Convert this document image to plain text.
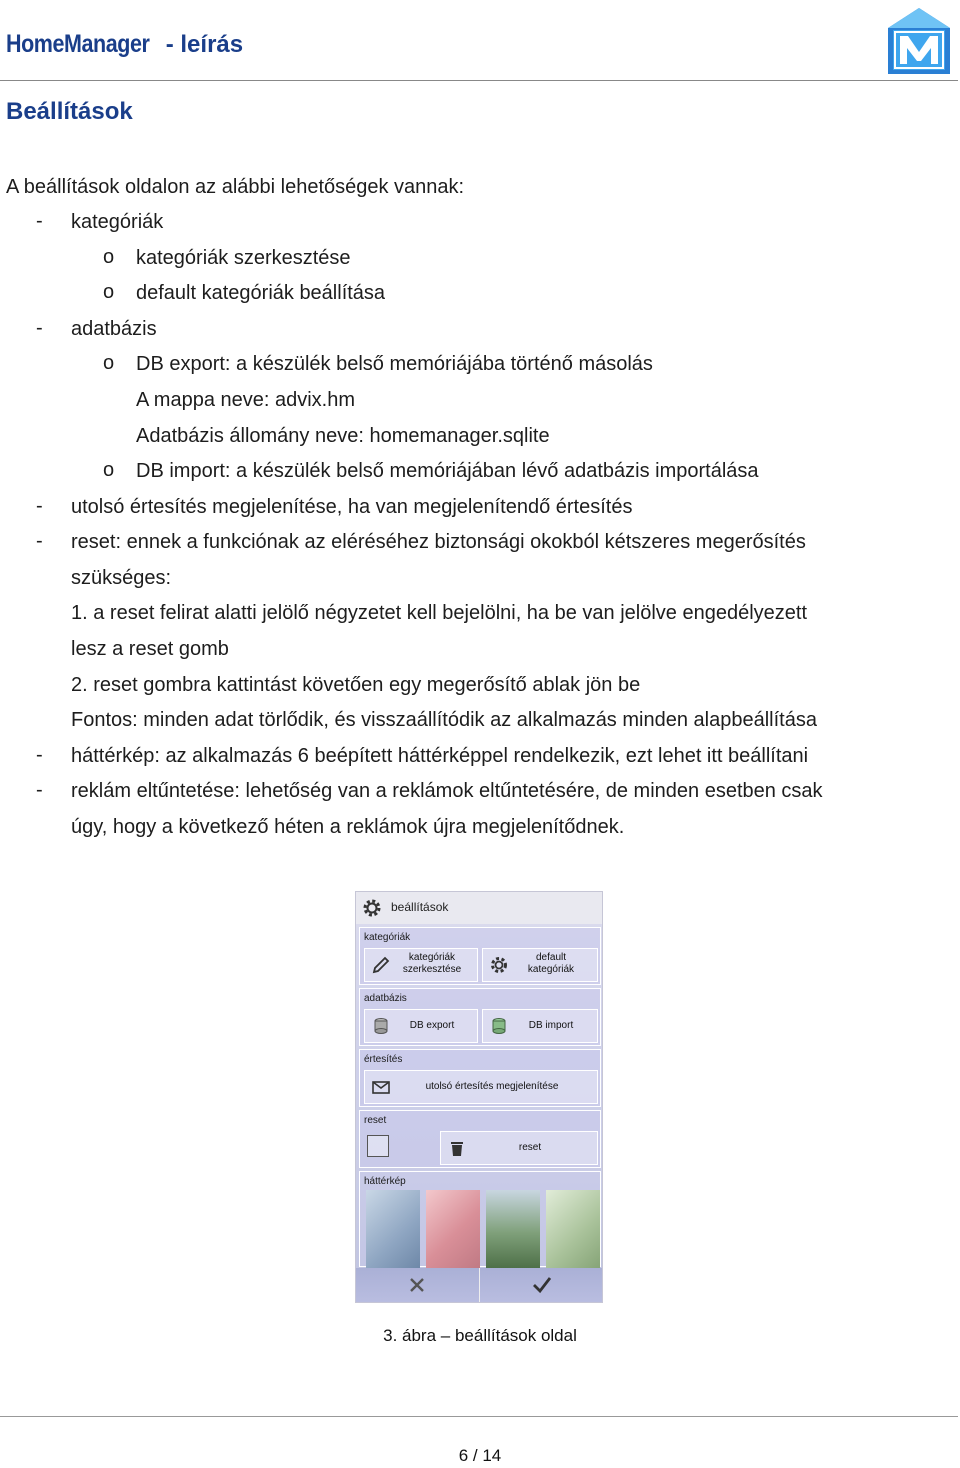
HomeManager - leírás
Beállítások
A beállítások oldalon az alábbi lehetőségek vannak:
- kategóriák
o kategóriák szerkesztése
o default kategóriák beállítása
- adatbázis
o DB export: a készülék belső memóriájába történő másolás
A mappa neve: advix.hm
Adatbázis állomány neve: homemanager.sqlite
o DB import: a készülék belső memóriájában lévő adatbázis importálása
- utolsó értesítés megjelenítése, ha van megjelenítendő értesítés
- reset: ennek a funkciónak az eléréséhez biztonsági okokból kétszeres megerősítés
szükséges:
1. a reset felirat alatti jelölő négyzetet kell bejelölni, ha be van jelölve engedélyezett
lesz a reset gomb
2. reset gombra kattintást követően egy megerősítő ablak jön be
Fontos: minden adat törlődik, és visszaállítódik az alkalmazás minden alapbeállítása
- háttérkép: az alkalmazás 6 beépített háttérképpel rendelkezik, ezt lehet itt beállítani
- reklám eltűntetése: lehetőség van a reklámok eltűntetésére, de minden esetben csak
úgy, hogy a következő héten a reklámok újra megjelenítődnek.
beállítások
kategóriák
kategóriák
szerkesztése
default
kategóriák
adatbázis
DB export	DB import
értesítés
utolsó értesítés megjelenítése
reset
reset
háttérkép
3. ábra – beállítások oldal
6 / 14
